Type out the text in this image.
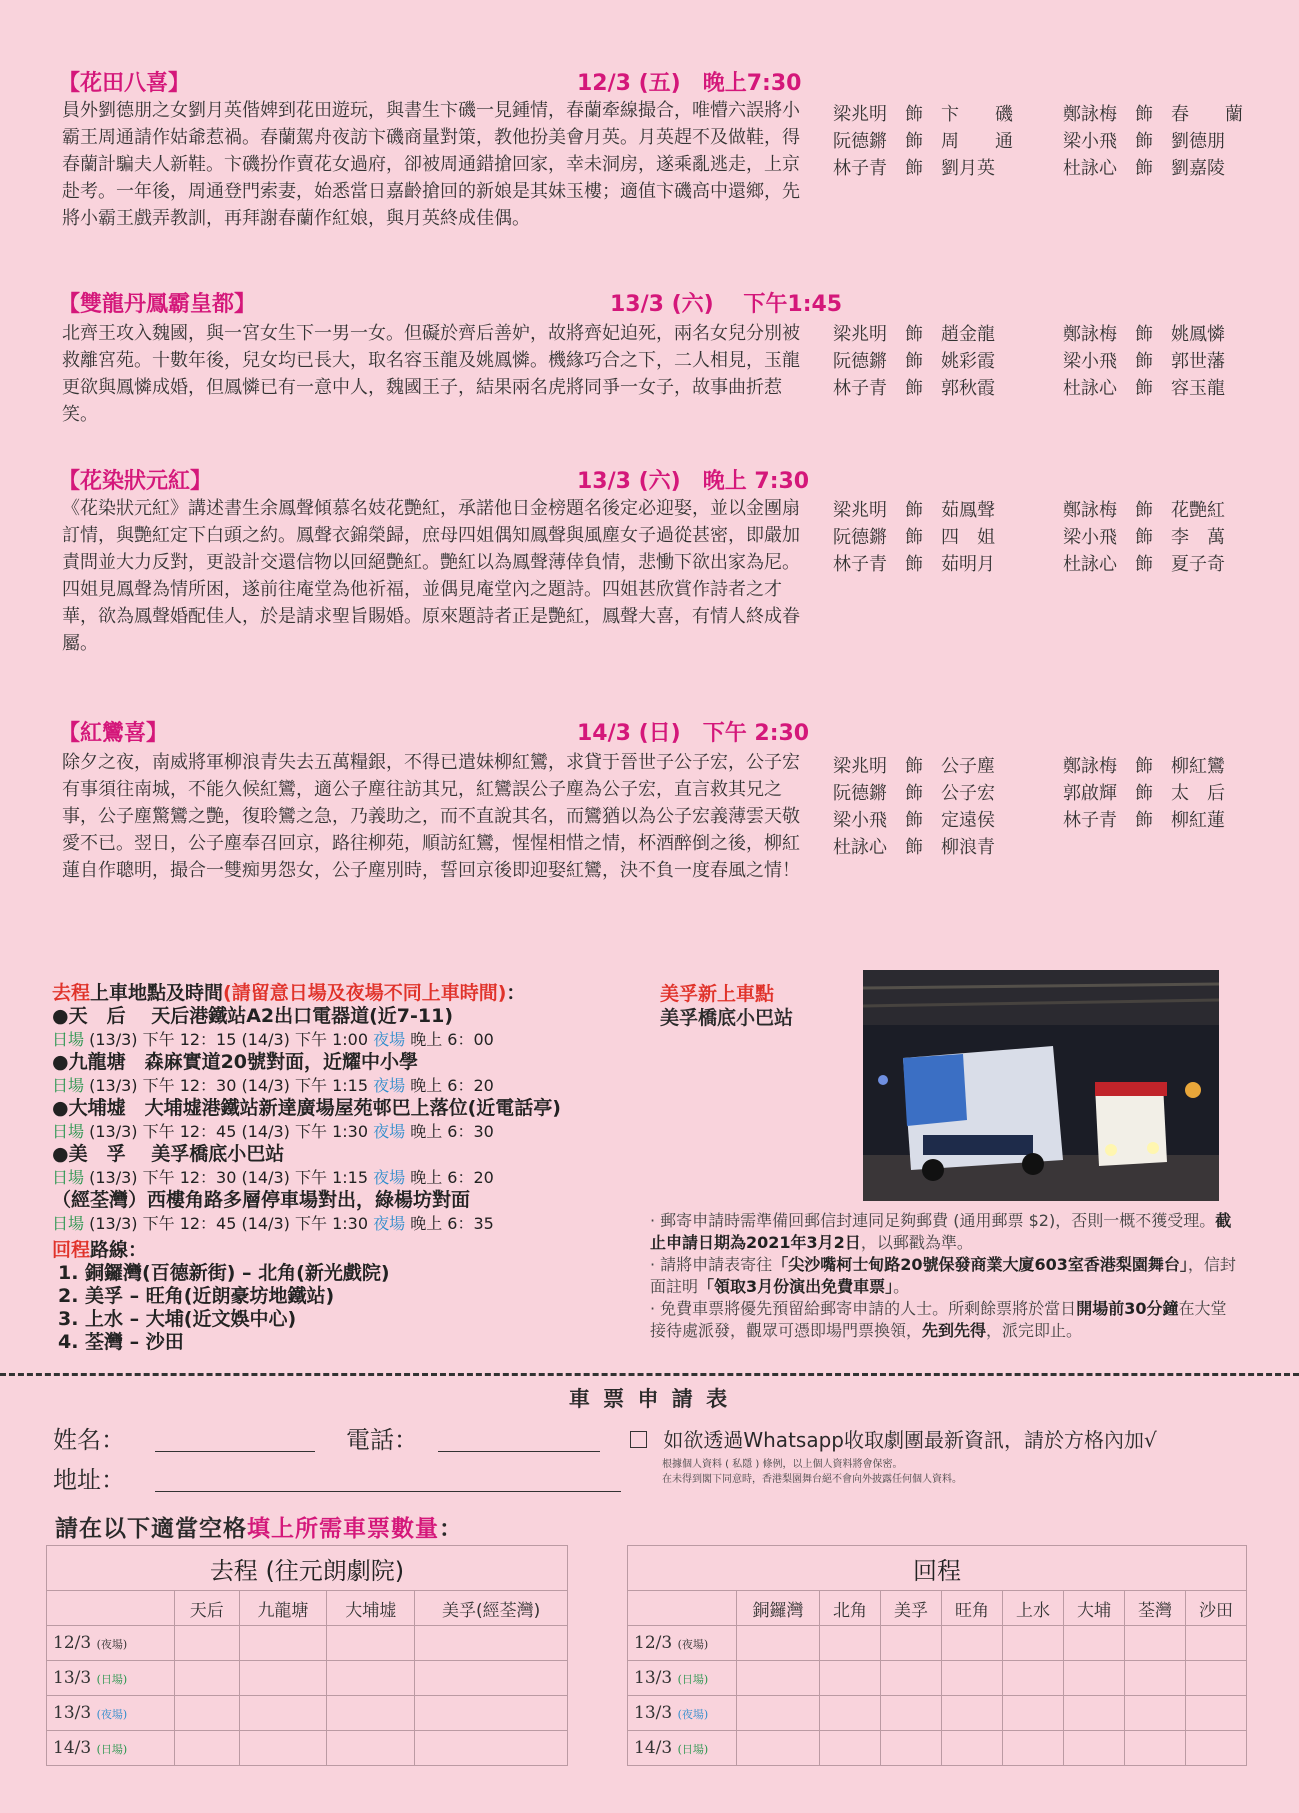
【花田八喜】	12/3 (五)　晚上7:30
員外劉德朋之女劉月英偕婢到花田遊玩，與書生卞磯一見鍾情，春蘭牽線撮合，唯懵六誤將小霸王周通請作姑爺惹禍。春蘭駕舟夜訪卞磯商量對策，教他扮美會月英。月英趕不及做鞋，得春蘭計騙夫人新鞋。卞磯扮作賣花女過府，卻被周通錯搶回家，幸未洞房，遂乘亂逃走，上京赴考。一年後，周通登門索妻，始悉當日嘉齡搶回的新娘是其妹玉樓；適值卞磯高中還鄉，先將小霸王戲弄教訓，再拜謝春蘭作紅娘，與月英終成佳偶。
梁兆明　飾　卞　　磯
阮德鏘　飾　周　　通
林子青　飾　劉月英
鄭詠梅　飾　春　　蘭
梁小飛　飾　劉德朋
杜詠心　飾　劉嘉陵
【雙龍丹鳳霸皇都】	13/3 (六)　 下午1:45
北齊王攻入魏國，與一宮女生下一男一女。但礙於齊后善妒，故將齊妃迫死，兩名女兒分別被救離宮苑。十數年後，兒女均已長大，取名容玉龍及姚鳳憐。機緣巧合之下，二人相見，玉龍更欲與鳳憐成婚，但鳳憐已有一意中人，魏國王子，結果兩名虎將同爭一女子，故事曲折惹笑。
梁兆明　飾　趙金龍
阮德鏘　飾　姚彩霞
林子青　飾　郭秋霞
鄭詠梅　飾　姚鳳憐
梁小飛　飾　郭世藩
杜詠心　飾　容玉龍
【花染狀元紅】	13/3 (六)　晚上 7:30
《花染狀元紅》講述書生余鳳聲傾慕名妓花艷紅，承諾他日金榜題名後定必迎娶，並以金團扇訂情，與艷紅定下白頭之約。鳳聲衣錦榮歸，庶母四姐偶知鳳聲與風塵女子過從甚密，即嚴加責問並大力反對，更設計交還信物以回絕艷紅。艷紅以為鳳聲薄倖負情，悲慟下欲出家為尼。四姐見鳳聲為情所困，遂前往庵堂為他祈福，並偶見庵堂內之題詩。四姐甚欣賞作詩者之才華，欲為鳳聲婚配佳人，於是請求聖旨賜婚。原來題詩者正是艷紅，鳳聲大喜，有情人終成眷屬。
梁兆明　飾　茹鳳聲
阮德鏘　飾　四　姐
林子青　飾　茹明月
鄭詠梅　飾　花艷紅
梁小飛　飾　李　萬
杜詠心　飾　夏子奇
【紅鸞喜】	14/3 (日)　下午 2:30
除夕之夜，南威將軍柳浪青失去五萬糧銀，不得已遣妹柳紅鸞，求貸于晉世子公子宏，公子宏有事須往南城，不能久候紅鸞，適公子塵往訪其兄，紅鸞誤公子塵為公子宏，直言救其兄之事，公子塵驚鸞之艷，復聆鸞之急，乃義助之，而不直說其名，而鸞猶以為公子宏義薄雲天敬愛不已。翌日，公子塵奉召回京，路往柳苑，順訪紅鸞，惺惺相惜之情，杯酒醉倒之後，柳紅蓮自作聰明，撮合一雙痴男怨女，公子塵別時，誓回京後即迎娶紅鸞，決不負一度春風之情！
梁兆明　飾　公子塵
阮德鏘　飾　公子宏
梁小飛　飾　定遠侯
杜詠心　飾　柳浪青
鄭詠梅　飾　柳紅鸞
郭啟輝　飾　太　后
林子青　飾　柳紅蓮
去程上車地點及時間(請留意日場及夜場不同上車時間)：
●天　后　 天后港鐵站A2出口電器道(近7-11)
日場 (13/3) 下午 12：15 (14/3) 下午 1:00 夜場 晚上 6：00
●九龍塘　森麻實道20號對面，近耀中小學
日場 (13/3) 下午 12：30 (14/3) 下午 1:15 夜場 晚上 6：20
●大埔墟　大埔墟港鐵站新達廣場屋苑邨巴上落位(近電話亭)
日場 (13/3) 下午 12：45 (14/3) 下午 1:30 夜場 晚上 6：30
●美　孚　 美孚橋底小巴站
日場 (13/3) 下午 12：30 (14/3) 下午 1:15 夜場 晚上 6：20
（經荃灣）西樓角路多層停車場對出，綠楊坊對面
日場 (13/3) 下午 12：45 (14/3) 下午 1:30 夜場 晚上 6：35
回程路線：
1. 銅鑼灣(百德新街) – 北角(新光戲院)
2. 美孚 – 旺角(近朗豪坊地鐵站)
3. 上水 – 大埔(近文娛中心)
4. 荃灣 – 沙田
美孚新上車點
美孚橋底小巴站
· 郵寄申請時需準備回郵信封連同足夠郵費 (通用郵票 $2)，否則一概不獲受理。截止申請日期為2021年3月2日，以郵戳為準。
· 請將申請表寄往「尖沙嘴柯士甸路20號保發商業大廈603室香港梨園舞台」，信封面註明「領取3月份演出免費車票」。
· 免費車票將優先預留給郵寄申請的人士。所剩餘票將於當日開場前30分鐘在大堂接待處派發，觀眾可憑即場門票換領，先到先得，派完即止。
車 票 申 請 表
姓名：	電話：
地址：
如欲透過Whatsapp收取劇團最新資訊，請於方格內加√
根據個人資料 ( 私隱 ) 條例，以上個人資料將會保密。
在未得到閣下同意時，香港梨園舞台絕不會向外披露任何個人資料。
請在以下適當空格填上所需車票數量：
去程 (往元朗劇院)				
	天后	九龍塘	大埔墟	美孚(經荃灣)
12/3 (夜場)				
13/3 (日場)				
13/3 (夜場)				
14/3 (日場)				
回程								
	銅鑼灣	北角	美孚	旺角	上水	大埔	荃灣	沙田
12/3 (夜場)								
13/3 (日場)								
13/3 (夜場)								
14/3 (日場)								
